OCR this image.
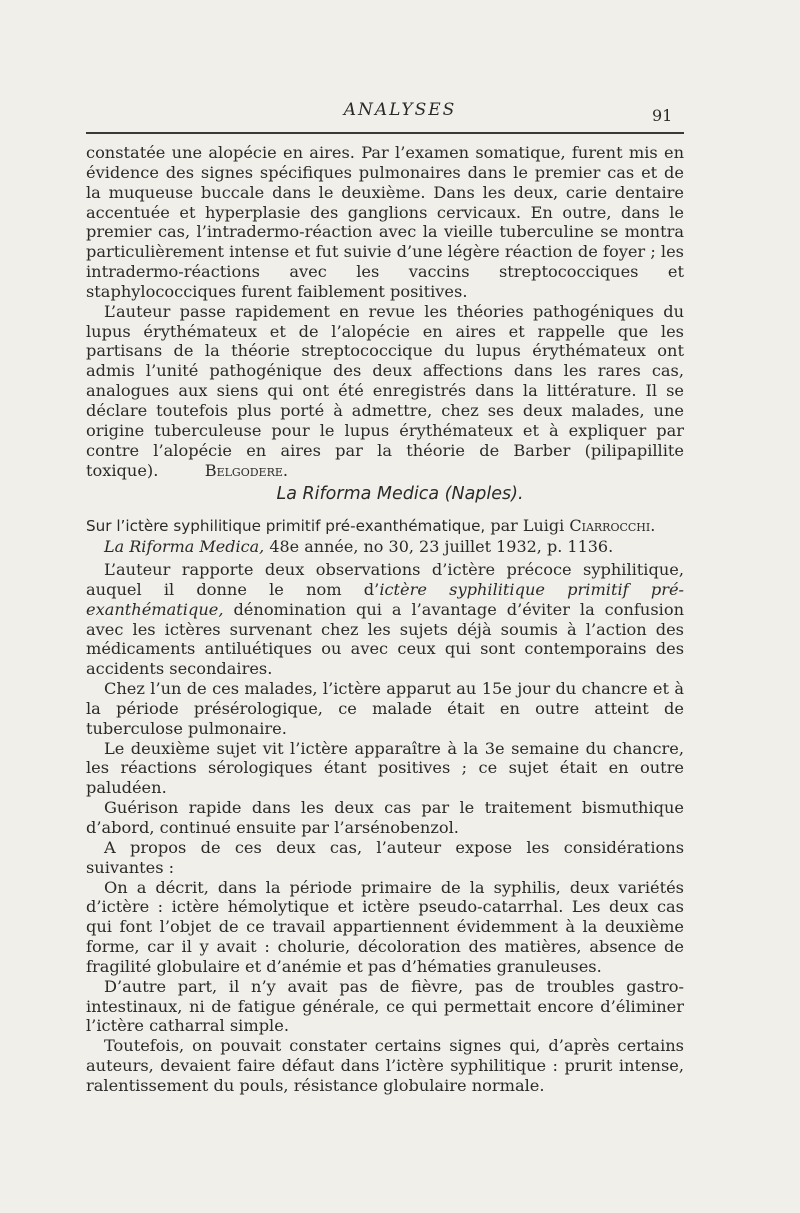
ANALYSES	91

constatée une alopécie en aires. Par l’examen somatique, furent mis en évidence des signes spécifiques pulmonaires dans le premier cas et de la muqueuse buccale dans le deuxième. Dans les deux, carie dentaire accentuée et hyperplasie des ganglions cervicaux. En outre, dans le premier cas, l’intradermo-réaction avec la vieille tuberculine se montra particulièrement intense et fut suivie d’une légère réaction de foyer ; les intradermo-réactions avec les vaccins streptococciques et staphylococciques furent faiblement positives.

L’auteur passe rapidement en revue les théories pathogéniques du lupus érythémateux et de l’alopécie en aires et rappelle que les partisans de la théorie streptococcique du lupus érythémateux ont admis l’unité pathogénique des deux affections dans les rares cas, analogues aux siens qui ont été enregistrés dans la littérature. Il se déclare toutefois plus porté à admettre, chez ses deux malades, une origine tuberculeuse pour le lupus érythémateux et à expliquer par contre l’alopécie en aires par la théorie de Barber (pilipapillite toxique).	Belgodere.

La Riforma Medica (Naples).
Sur l’ictère syphilitique primitif pré-exanthématique, par Luigi Ciarrocchi.
La Riforma Medica, 48e année, no 30, 23 juillet 1932, p. 1136.

L’auteur rapporte deux observations d’ictère précoce syphilitique, auquel il donne le nom d’ictère syphilitique primitif pré-exanthématique, dénomination qui a l’avantage d’éviter la confusion avec les ictères survenant chez les sujets déjà soumis à l’action des médicaments antiluétiques ou avec ceux qui sont contemporains des accidents secondaires.

Chez l’un de ces malades, l’ictère apparut au 15e jour du chancre et à la période présérologique, ce malade était en outre atteint de tuberculose pulmonaire.

Le deuxième sujet vit l’ictère apparaître à la 3e semaine du chancre, les réactions sérologiques étant positives ; ce sujet était en outre paludéen.

Guérison rapide dans les deux cas par le traitement bismuthique d’abord, continué ensuite par l’arsénobenzol.

A propos de ces deux cas, l’auteur expose les considérations suivantes :

On a décrit, dans la période primaire de la syphilis, deux variétés d’ictère : ictère hémolytique et ictère pseudo-catarrhal. Les deux cas qui font l’objet de ce travail appartiennent évidemment à la deuxième forme, car il y avait : cholurie, décoloration des matières, absence de fragilité globulaire et d’anémie et pas d’hématies granuleuses.

D’autre part, il n’y avait pas de fièvre, pas de troubles gastro-intestinaux, ni de fatigue générale, ce qui permettait encore d’éliminer l’ictère catharral simple.

Toutefois, on pouvait constater certains signes qui, d’après certains auteurs, devaient faire défaut dans l’ictère syphilitique : prurit intense, ralentissement du pouls, résistance globulaire normale.
